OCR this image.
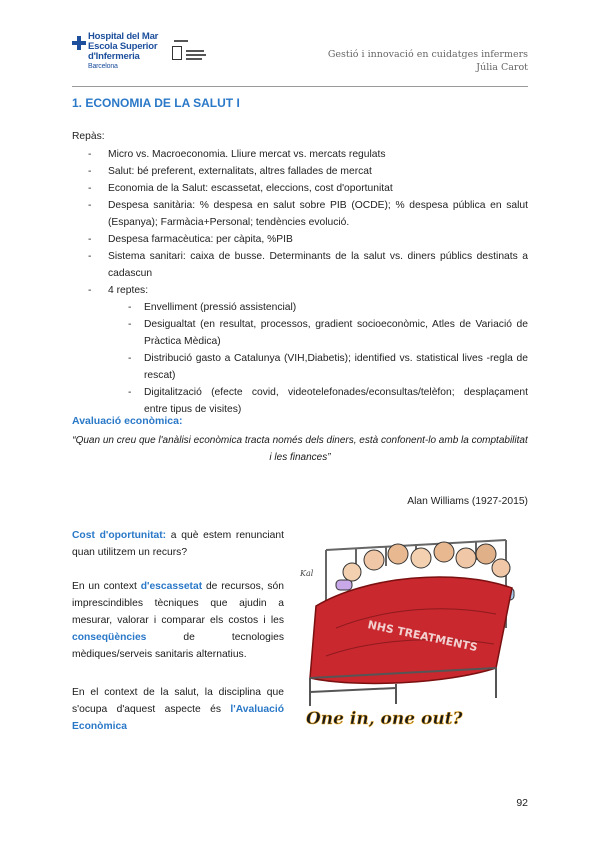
Hospital del Mar
Escola Superior
d'Infermeria
Barcelona
Gestió i innovació en cuidatges infermers
Júlia Carot
1. ECONOMIA DE LA SALUT I
Repàs:
- Micro vs. Macroeconomia. Lliure mercat vs. mercats regulats
- Salut: bé preferent, externalitats, altres fallades de mercat
- Economia de la Salut: escassetat, eleccions, cost d'oportunitat
- Despesa sanitària: % despesa en salut sobre PIB (OCDE); % despesa pública en salut (Espanya); Farmàcia+Personal; tendències evolució.
- Despesa farmacèutica: per càpita, %PIB
- Sistema sanitari: caixa de busse. Determinants de la salut vs. diners públics destinats a cadascun
- 4 reptes:
- Envelliment (pressió assistencial)
- Desigualtat (en resultat, processos, gradient socioeconòmic, Atles de Variació de Pràctica Mèdica)
- Distribució gasto a Catalunya (VIH,Diabetis); identified vs. statistical lives -regla de rescat)
- Digitalització (efecte covid, videotelefonades/econsultas/telèfon; desplaçament entre tipus de visites)
Avaluació econòmica:
“Quan un creu que l'anàlisi econòmica tracta només dels diners, està confonent-lo amb la comptabilitat i les finances”
Alan Williams (1927-2015)
Cost d'oportunitat: a què estem renunciant quan utilitzem un recurs?
En un context d'escassetat de recursos, són imprescindibles tècniques que ajudin a mesurar, valorar i comparar els costos i les conseqüències de tecnologies mèdiques/serveis sanitaris alternatius.
En el context de la salut, la disciplina que s'ocupa d'aquest aspecte és l'Avaluació Econòmica
NHS TREATMENTS
One in, one out?
Kal
92
